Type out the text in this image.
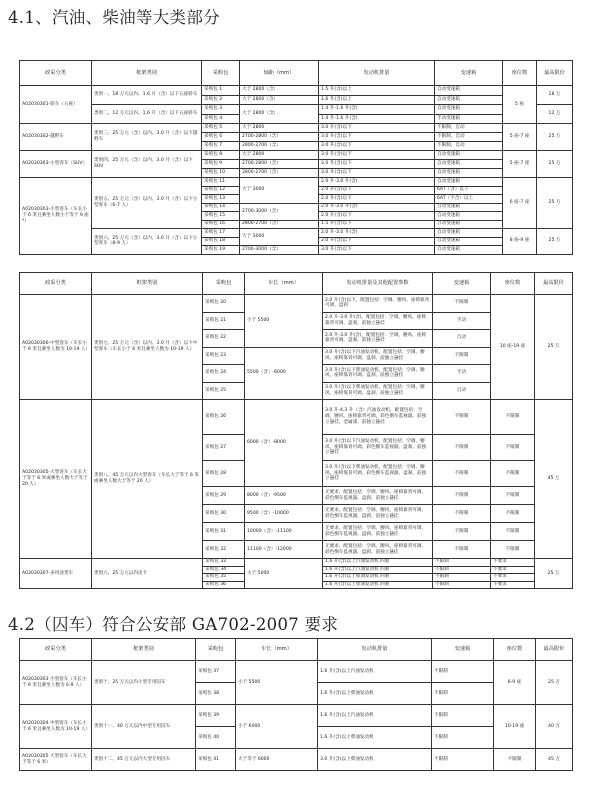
4.1、汽油、柴油等大类部分
政采分类	框架类别	采购包	轴距（mm）	发动机排量	变速箱	座位数	最高限价
A02030301-轿车（五座）	类别一、18 万元以内、1.6 升（含）以下五座轿车	采购包 1	大于 2800（含）	1.5 升(含)以上	自动变速箱	5 座	18 万
		采购包 2	大于 2800（含）	1.6 升(含)以上	自动变速箱		
	类别二、12 万元以内、1.6 升（含）以下五座轿车	采购包 3	大于 2800（含）	1.4 升-1.6 升(含)	自动变速箱		12 万
		采购包 4		1.4 升-1.6 升(含)	手动变速箱		
A02030302-越野车	类别三、25 万元（含）以内、3.0 升（含）以下越野车	采购包 5	大于 2800	3.0 升(含)以下	不限制，自动	5 座-7 座	25 万
		采购包 6	2700-2800（含）	3.0 升(含)以下	不限制，自动		
		采购包 7	2800-2700（含）	3.0 升(含)以下	不限制，自动		
A02030303-小型客车（SUV）	类别四、25 万元（含）以内、3.0 升（含）以下 SUV	采购包 8	大于 2800	3.0 升(含)以下	自动变速箱	5 座-7 座	25 万
		采购包 9	2700-2800（含）	3.0 升(含)以下	自动变速箱		
		采购包 10	2800-2700（含）	3.0 升(含)以下	自动变速箱		
A02030303-小型客车（车长小于 6 米且乘坐人数小于等于 9 座*）	类别五、25 万元（含）以内、3.0 升（含）以下小型客车（6-7 人）	采购包 11	大于 3000	2.0 升-3.0 升(含)	自动变速箱	6 座-7 座	25 万
		采购包 12		2.0 升(含)以下	6AT（含）以下		
		采购包 13		2.0 升(含)以下	6AT（不含）以上		
		采购包 14	2700-3000（含）	2.0 升-3.0 升(含)	自动变速箱		
		采购包 15		2.0 升(含)以下	自动变速箱		
		采购包 16	2800-2700（含）	1.5 升(含)以下	自动变速箱		
	类别六、25 万元（含）以内、3.0 升（含）以下小型客车（8-9 人）	采购包 17	大于 3000	2.0 升-3.0 升(含)	自动变速箱	8 座-9 座	25 万
		采购包 18		2.0 升(含)以下	自动变速箱		
		采购包 19	2700-3000（含）	3.0 升(含)以下	自动变速箱		
政采分类	框架类别	采购包	车长（mm）	发动机排量及其他配置参数	变速箱	座位数	最高限价
A02030306-中型客车（车长小于 6 米且乘坐人数为 10-19 人）	类别七、25 万元（含）以内、3.0 升（含）以下中型客车（车长小于 6 米且乘坐人数为 10-19 人）	采购包 20	小于 5500	2.0 升(含)以下，配置包括：空调、腰风、座椅靠背可调、盘刹	不限制	10 座-19 座	25 万
		采购包 21		2.0 升-3.0 升(含)，配置包括：空调、腰风、座椅靠背可调、盘刹、前独立悬挂	手动		
		采购包 22		2.0 升-3.0 升(含)，配置包括：空调、腰风、座椅靠背可调、盘刹、前独立悬挂	自动		
		采购包 23	5500（含）-6000	3.0 升(含)以下汽油发动机，配置包括：空调、腰风、座椅靠背可调、盘刹、前独立悬挂	不限制		
		采购包 24		3.0 升(含)以下柴油发动机，配置包括：空调、腰风、座椅靠背可调、盘刹、前独立悬挂	手动		
		采购包 25		3.0 升(含)以下柴油发动机，配置包括：空调、腰风、座椅靠背可调、盘刹、前独立悬挂	自动		
A02030305-大型客车（车长大于等于 6 米或乘坐人数大于等于 20 人）	类别八、45 万元以内大型客车（车长大于等于 6 米或乘坐人数大于等于 20 人）	采购包 26	6000（含）-8000	3.0 升-4.3 升（含）汽油发动机，配置包括：空调、腰风、座椅靠背可调、彩色倒车监视器、前独立悬挂、金属漆、前独立悬挂	不限制	不限制	45 万
		采购包 27		3.0 升(含)以下汽油发动机，配置包括：空调、腰风、座椅靠背可调、彩色倒车监视器、盘刹、前独立悬挂	不限制	不限制	
		采购包 28		3.0 升(含)以下柴油发动机，配置包括：空调、腰风、座椅靠背可调、彩色倒车监视器、盘刹、前独立悬挂	不限制	不限制	
		采购包 29	8000（含）-9500	无要求，配置包括：空调、腰风、座椅靠背可调、彩色倒车监视器、盘刹、前独立悬挂	不限制	不限制	
		采购包 30	9500（含）-10000	无要求，配置包括：空调、腰风、座椅靠背可调、彩色倒车监视器、盘刹、前独立悬挂	不限制	不限制	
		采购包 31	10000（含）-11100	无要求，配置包括：空调、腰风、座椅靠背可调、彩色倒车监视器、盘刹、前独立悬挂	不限制	不限制	
		采购包 32	11100（含）-12000	无要求，配置包括：空调、腰风、座椅靠背可调、彩色倒车监视器、盘刹、前独立悬挂	不限制	不限制	
A02030307-多用途货车	类别九、25 万元以内皮卡	采购包 33	大于 5000	1.6 升(含)以上汽油发动机 四驱	不限制	不要求	25 万
		采购包 34		1.6 升(含)以上汽油发动机 四驱	不限制	不要求	
		采购包 35		1.6 升(含)以上柴油发动机 四驱	不限制	不要求	
		采购包 36		1.6 升(含)以上柴油发动机 四驱	不限制	不要求	
4.2（囚车）符合公安部 GA702-2007 要求
政采分类	框架类别	采购包	车长（mm）	发动机排量	变速箱	座位数	最高限价
A02030303 小型客车（车长小于 6 米且乘坐人数为 6-9 人）	类别十、25 万元以内小型专用囚车	采购包 37	小于 5500	1.6 升(含)以上汽油发动机	不限制	6-9 座	25 万
		采购包 38		1.6 升(含)以上柴油发动机	不限制		
A02030304 中型客车（车长小于 6 米且乘坐人数为 10-19 人）	类别十一、40 万元以内中型专用囚车	采购包 39	小于 6000	1.6 升(含)以上汽油发动机	不限制	10-19 座	40 万
		采购包 40		1.6 升(含)以上柴油发动机	不限制		
A02030305 大型客车（车长大于等于 6 米）	类别十二、45 万元以内大型专用囚车	采购包 41	大于等于 6000	3.0 升(含)以上柴油发动机	不限制	不限制	45 万
